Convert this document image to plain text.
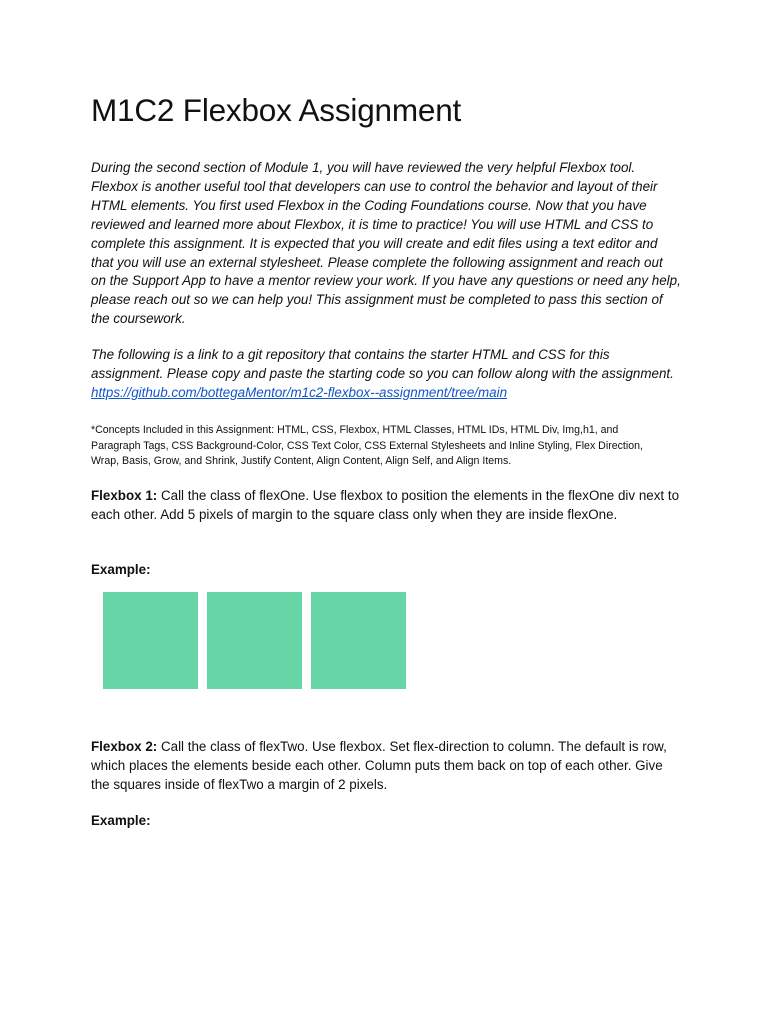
M1C2 Flexbox Assignment

During the second section of Module 1, you will have reviewed the very helpful Flexbox tool. Flexbox is another useful tool that developers can use to control the behavior and layout of their HTML elements. You first used Flexbox in the Coding Foundations course. Now that you have reviewed and learned more about Flexbox, it is time to practice! You will use HTML and CSS to complete this assignment. It is expected that you will create and edit files using a text editor and that you will use an external stylesheet. Please complete the following assignment and reach out on the Support App to have a mentor review your work. If you have any questions or need any help, please reach out so we can help you! This assignment must be completed to pass this section of the coursework.

The following is a link to a git repository that contains the starter HTML and CSS for this assignment. Please copy and paste the starting code so you can follow along with the assignment. https://github.com/bottegaMentor/m1c2-flexbox--assignment/tree/main

*Concepts Included in this Assignment: HTML, CSS, Flexbox, HTML Classes, HTML IDs, HTML Div, Img,h1, and Paragraph Tags, CSS Background-Color, CSS Text Color, CSS External Stylesheets and Inline Styling, Flex Direction, Wrap, Basis, Grow, and Shrink, Justify Content, Align Content, Align Self, and Align Items.

Flexbox 1: Call the class of flexOne. Use flexbox to position the elements in the flexOne div next to each other. Add 5 pixels of margin to the square class only when they are inside flexOne.

Example:

Flexbox 2: Call the class of flexTwo. Use flexbox. Set flex-direction to column. The default is row, which places the elements beside each other. Column puts them back on top of each other. Give the squares inside of flexTwo a margin of 2 pixels.

Example:
